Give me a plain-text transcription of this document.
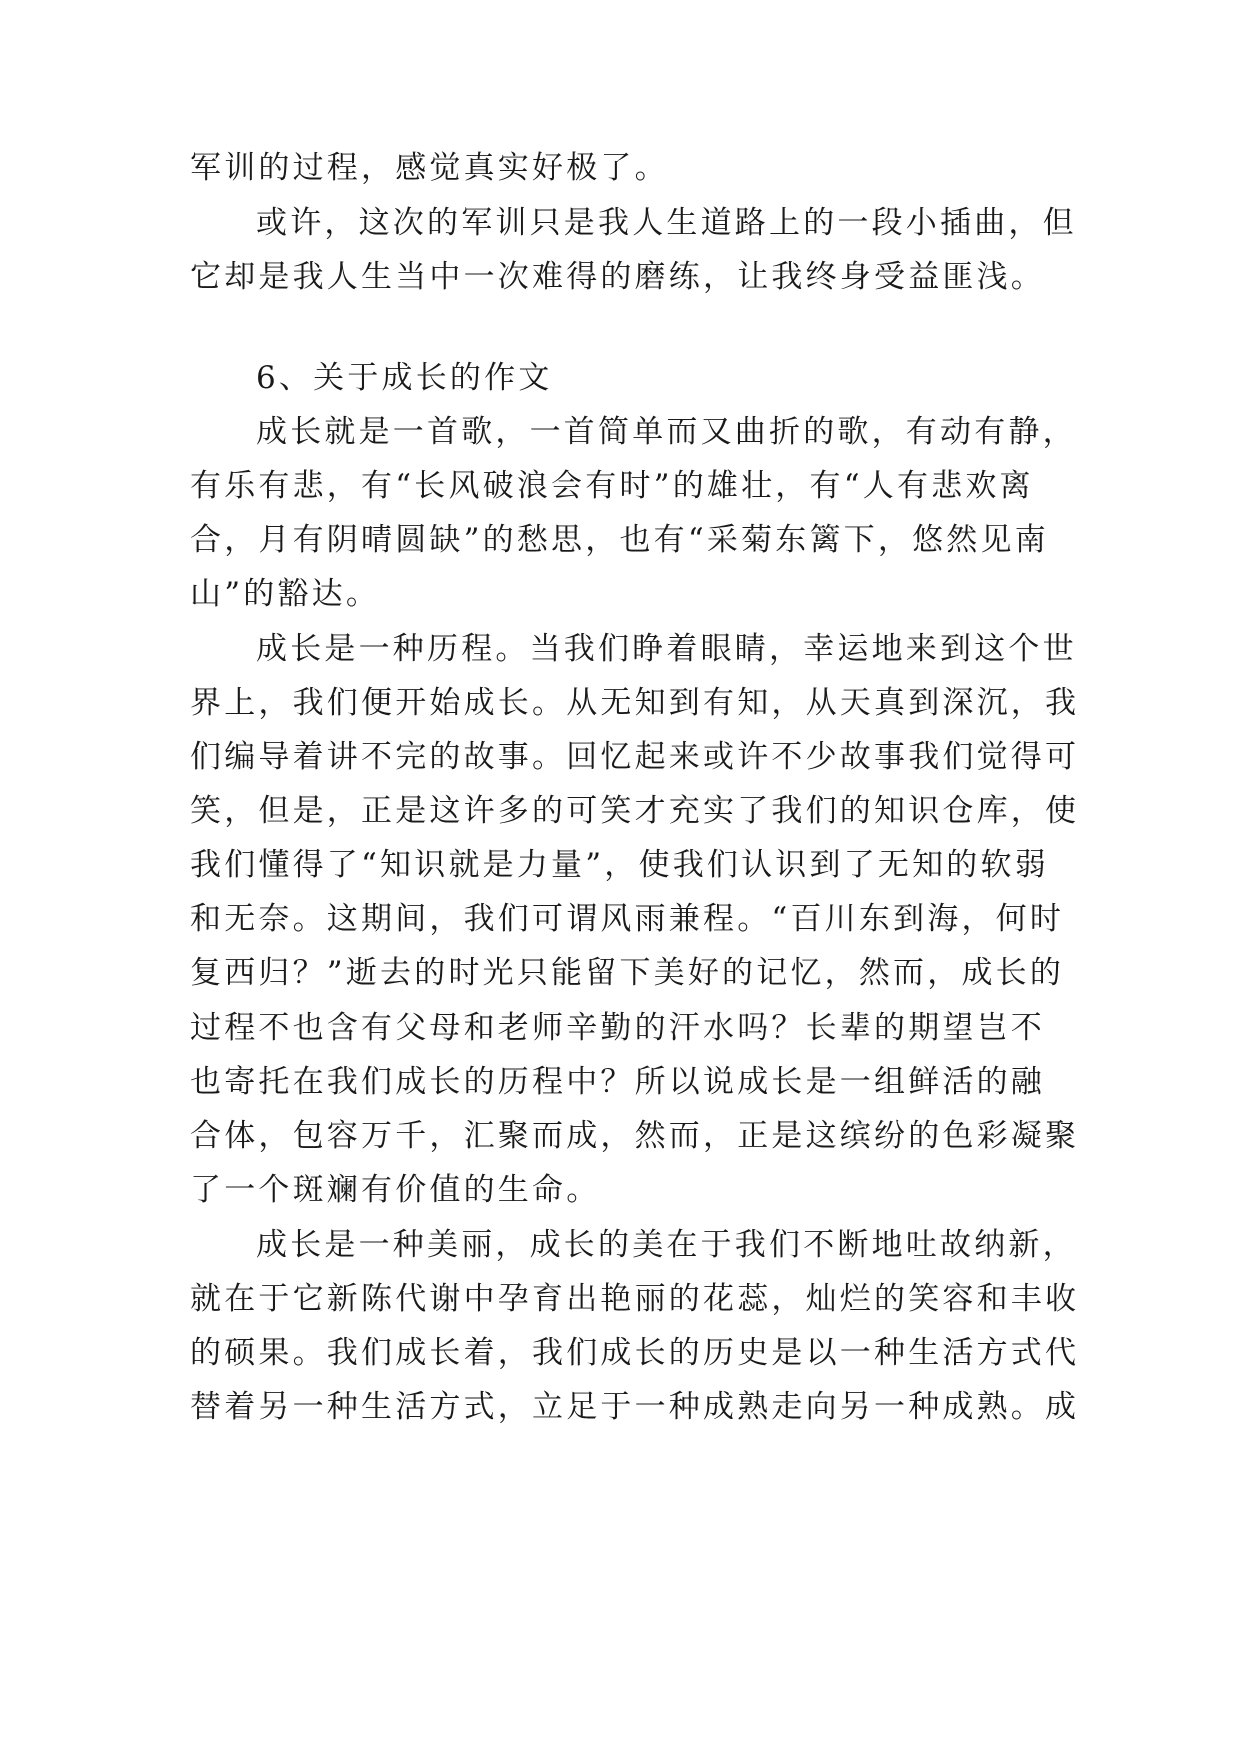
军训的过程，感觉真实好极了。

或许，这次的军训只是我人生道路上的一段小插曲，但

它却是我人生当中一次难得的磨练，让我终身受益匪浅。

6、关于成长的作文

成长就是一首歌，一首简单而又曲折的歌，有动有静，

有乐有悲，有“长风破浪会有时”的雄壮，有“人有悲欢离

合，月有阴晴圆缺”的愁思，也有“采菊东篱下，悠然见南

山”的豁达。

成长是一种历程。当我们睁着眼睛，幸运地来到这个世

界上，我们便开始成长。从无知到有知，从天真到深沉，我

们编导着讲不完的故事。回忆起来或许不少故事我们觉得可

笑，但是，正是这许多的可笑才充实了我们的知识仓库，使

我们懂得了“知识就是力量”，使我们认识到了无知的软弱

和无奈。这期间，我们可谓风雨兼程。“百川东到海，何时

复西归？”逝去的时光只能留下美好的记忆，然而，成长的

过程不也含有父母和老师辛勤的汗水吗？长辈的期望岂不

也寄托在我们成长的历程中？所以说成长是一组鲜活的融

合体，包容万千，汇聚而成，然而，正是这缤纷的色彩凝聚

了一个斑斓有价值的生命。

成长是一种美丽，成长的美在于我们不断地吐故纳新，

就在于它新陈代谢中孕育出艳丽的花蕊，灿烂的笑容和丰收

的硕果。我们成长着，我们成长的历史是以一种生活方式代

替着另一种生活方式，立足于一种成熟走向另一种成熟。成
